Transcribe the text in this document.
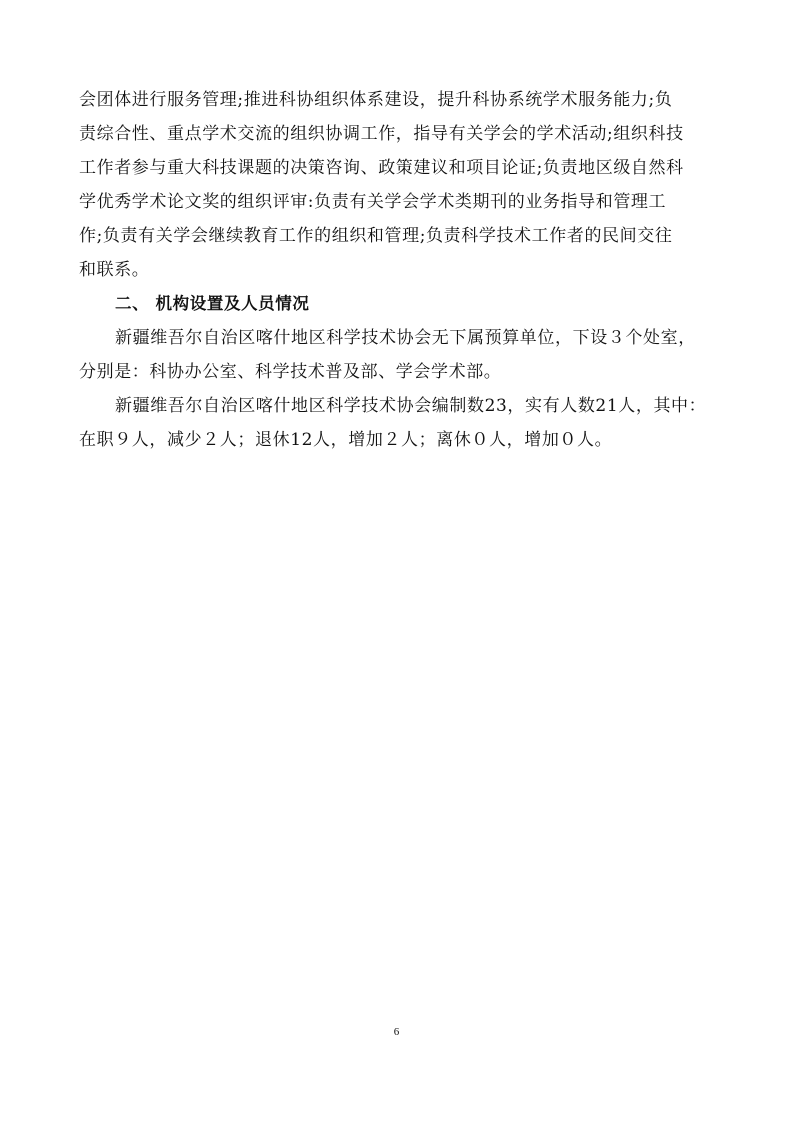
会团体进行服务管理;推进科协组织体系建设，提升科协系统学术服务能力;负
责综合性、重点学术交流的组织协调工作，指导有关学会的学术活动;组织科技
工作者参与重大科技课题的决策咨询、政策建议和项目论证;负责地区级自然科
学优秀学术论文奖的组织评审:负责有关学会学术类期刊的业务指导和管理工
作;负责有关学会继续教育工作的组织和管理;负责科学技术工作者的民间交往
和联系。
二、 机构设置及人员情况
新疆维吾尔自治区喀什地区科学技术协会无下属预算单位，下设３个处室，
分别是：科协办公室、科学技术普及部、学会学术部。
新疆维吾尔自治区喀什地区科学技术协会编制数23，实有人数21人，其中：
在职９人，减少２人；退休12人，增加２人；离休０人，增加０人。
6
